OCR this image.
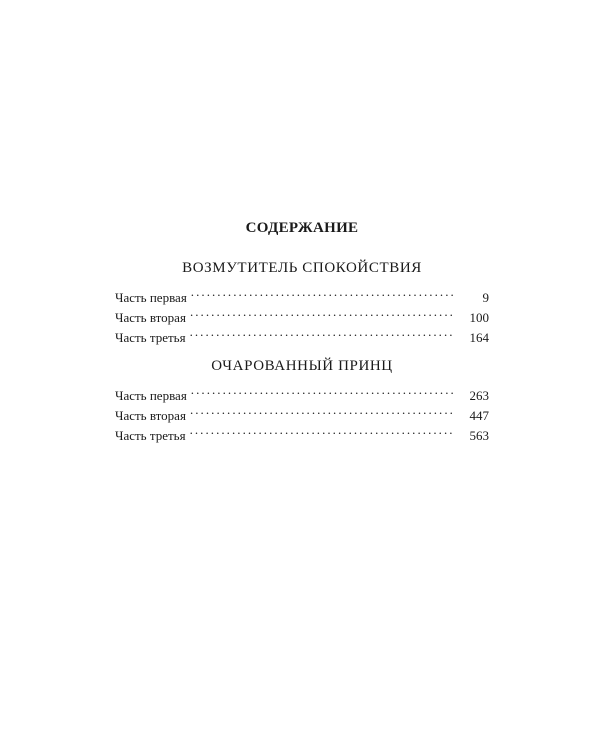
СОДЕРЖАНИЕ
ВОЗМУТИТЕЛЬ СПОКОЙСТВИЯ
Часть первая . . .	9
Часть вторая . . .	100
Часть третья . . .	164
ОЧАРОВАННЫЙ ПРИНЦ
Часть первая . . .	263
Часть вторая . . .	447
Часть третья . . .	563
